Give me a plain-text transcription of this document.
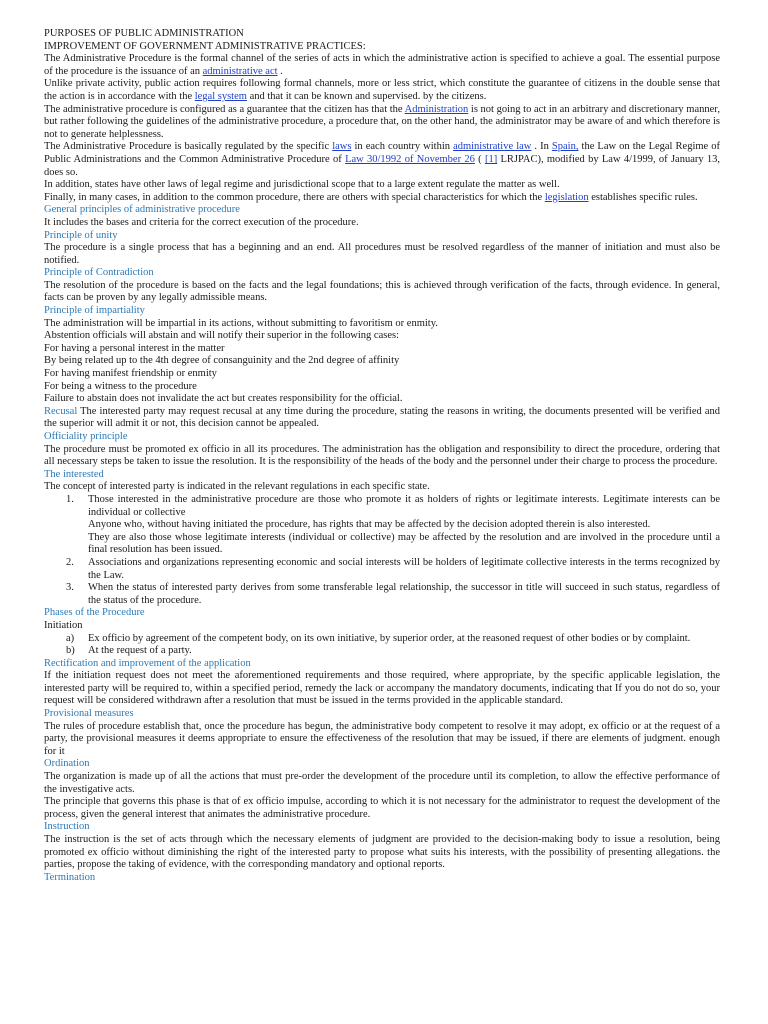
PURPOSES OF PUBLIC ADMINISTRATION

IMPROVEMENT OF GOVERNMENT ADMINISTRATIVE PRACTICES:

The Administrative Procedure is the formal channel of the series of acts in which the administrative action is specified to achieve a goal. The essential purpose of the procedure is the issuance of an administrative act .

Unlike private activity, public action requires following formal channels, more or less strict, which constitute the guarantee of citizens in the double sense that the action is in accordance with the legal system and that it can be known and supervised. by the citizens.

The administrative procedure is configured as a guarantee that the citizen has that the Administration is not going to act in an arbitrary and discretionary manner, but rather following the guidelines of the administrative procedure, a procedure that, on the other hand, the administrator may be aware of and which therefore is not to generate helplessness.

The Administrative Procedure is basically regulated by the specific laws in each country within administrative law . In Spain, the Law on the Legal Regime of Public Administrations and the Common Administrative Procedure of Law 30/1992 of November 26 ( [1] LRJPAC), modified by Law 4/1999, of January 13, does so.

In addition, states have other laws of legal regime and jurisdictional scope that to a large extent regulate the matter as well.

Finally, in many cases, in addition to the common procedure, there are others with special characteristics for which the legislation establishes specific rules.

General principles of administrative procedure

It includes the bases and criteria for the correct execution of the procedure.

Principle of unity

The procedure is a single process that has a beginning and an end. All procedures must be resolved regardless of the manner of initiation and must also be notified.

Principle of Contradiction

The resolution of the procedure is based on the facts and the legal foundations; this is achieved through verification of the facts, through evidence. In general, facts can be proven by any legally admissible means.

Principle of impartiality

The administration will be impartial in its actions, without submitting to favoritism or enmity.

Abstention officials will abstain and will notify their superior in the following cases:

For having a personal interest in the matter

By being related up to the 4th degree of consanguinity and the 2nd degree of affinity

For having manifest friendship or enmity

For being a witness to the procedure

Failure to abstain does not invalidate the act but creates responsibility for the official.

Recusal The interested party may request recusal at any time during the procedure, stating the reasons in writing, the documents presented will be verified and the superior will admit it or not, this decision cannot be appealed.

Officiality principle

The procedure must be promoted ex officio in all its procedures. The administration has the obligation and responsibility to direct the procedure, ordering that all necessary steps be taken to issue the resolution. It is the responsibility of the heads of the body and the personnel under their charge to process the procedure.

The interested

The concept of interested party is indicated in the relevant regulations in each specific state.

1. Those interested in the administrative procedure are those who promote it as holders of rights or legitimate interests. Legitimate interests can be individual or collective

Anyone who, without having initiated the procedure, has rights that may be affected by the decision adopted therein is also interested.

They are also those whose legitimate interests (individual or collective) may be affected by the resolution and are involved in the procedure until a final resolution has been issued.

2. Associations and organizations representing economic and social interests will be holders of legitimate collective interests in the terms recognized by the Law.

3. When the status of interested party derives from some transferable legal relationship, the successor in title will succeed in such status, regardless of the status of the procedure.

Phases of the Procedure

Initiation

a) Ex officio by agreement of the competent body, on its own initiative, by superior order, at the reasoned request of other bodies or by complaint.

b) At the request of a party.

Rectification and improvement of the application

If the initiation request does not meet the aforementioned requirements and those required, where appropriate, by the specific applicable legislation, the interested party will be required to, within a specified period, remedy the lack or accompany the mandatory documents, indicating that If you do not do so, your request will be considered withdrawn after a resolution that must be issued in the terms provided in the applicable standard.

Provisional measures

The rules of procedure establish that, once the procedure has begun, the administrative body competent to resolve it may adopt, ex officio or at the request of a party, the provisional measures it deems appropriate to ensure the effectiveness of the resolution that may be issued, if there are elements of judgment. enough for it

Ordination

The organization is made up of all the actions that must pre-order the development of the procedure until its completion, to allow the effective performance of the investigative acts.

The principle that governs this phase is that of ex officio impulse, according to which it is not necessary for the administrator to request the development of the process, given the general interest that animates the administrative procedure.

Instruction

The instruction is the set of acts through which the necessary elements of judgment are provided to the decision-making body to issue a resolution, being promoted ex officio without diminishing the right of the interested party to propose what suits his interests, with the possibility of presenting allegations. the parties, propose the taking of evidence, with the corresponding mandatory and optional reports.

Termination
